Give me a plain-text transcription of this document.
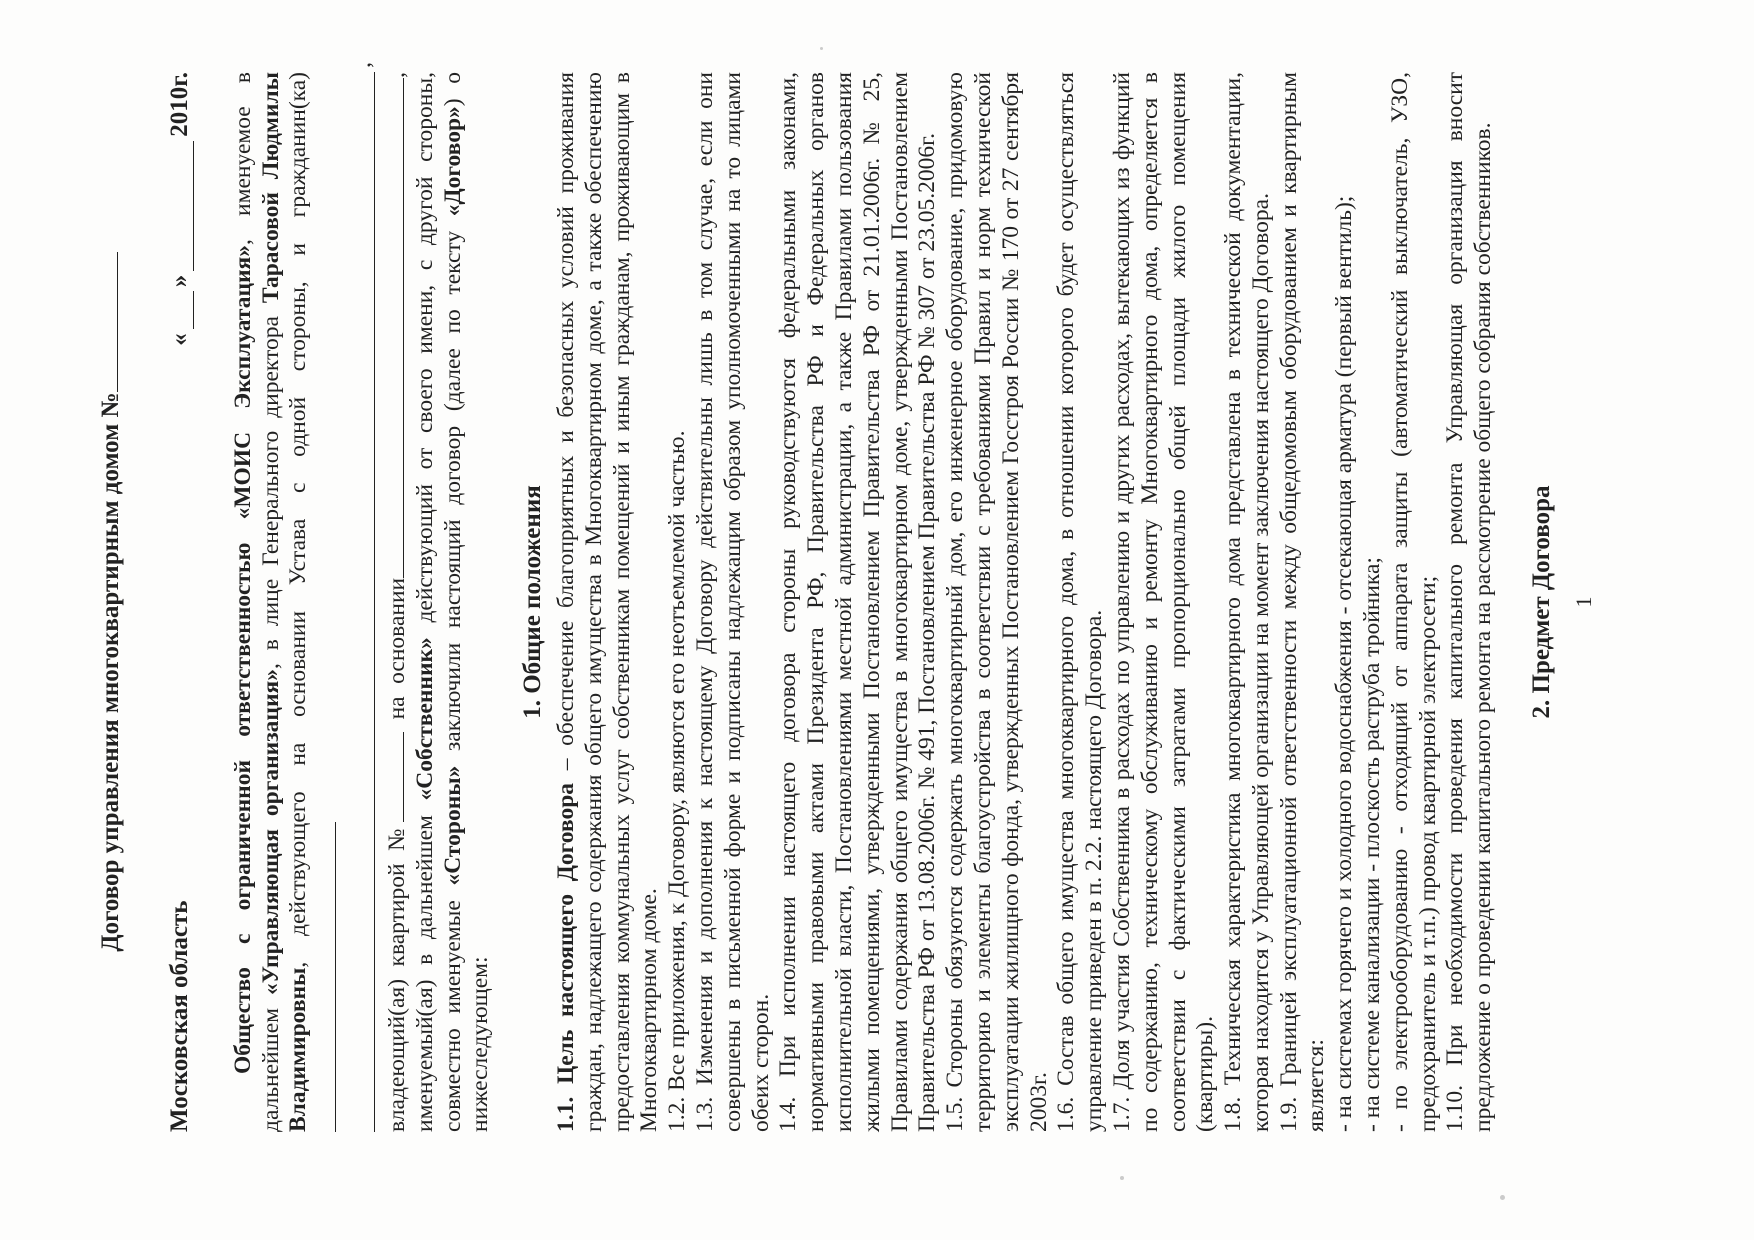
Договор управления многоквартирным домом №
Московская область
«
»
2010г.

Общество с ограниченной ответственностью «МОИС Эксплуатация», именуемое в дальнейшем «Управляющая организация», в лице Генерального директора Тарасовой Людмилы Владимировны, действующего на основании Устава с одной стороны, и гражданин(ка)

,

владеющий(ая) квартирой № на основании, именуемый(ая) в дальнейшем «Собственник» действующий от своего имени, с другой стороны, совместно именуемые «Стороны» заключили настоящий договор (далее по тексту «Договор») о нижеследующем:

1. Общие положения

1.1. Цель настоящего Договора – обеспечение благоприятных и безопасных условий проживания граждан, надлежащего содержания общего имущества в Многоквартирном доме, а также обеспечению предоставления коммунальных услуг собственникам помещений и иным гражданам, проживающим в Многоквартирном доме. 1.2. Все приложения, к Договору, являются его неотъемлемой частью. 1.3. Изменения и дополнения к настоящему Договору действительны лишь в том случае, если они совершены в письменной форме и подписаны надлежащим образом уполномоченными на то лицами обеих сторон. 1.4. При исполнении настоящего договора стороны руководствуются федеральными законами, нормативными правовыми актами Президента РФ, Правительства РФ и Федеральных органов исполнительной власти, Постановлениями местной администрации, а также Правилами пользования жилыми помещениями, утвержденными Постановлением Правительства РФ от 21.01.2006г. № 25, Правилами содержания общего имущества в многоквартирном доме, утвержденными Постановлением Правительства РФ от 13.08.2006г. № 491, Постановлением Правительства РФ № 307 от 23.05.2006г. 1.5. Стороны обязуются содержать многоквартирный дом, его инженерное оборудование, придомовую территорию и элементы благоустройства в соответствии с требованиями Правил и норм технической эксплуатации жилищного фонда, утвержденных Постановлением Госстроя России № 170 от 27 сентября 2003г. 1.6. Состав общего имущества многоквартирного дома, в отношении которого будет осуществляться управление приведен в п. 2.2. настоящего Договора. 1.7. Доля участия Собственника в расходах по управлению и других расходах, вытекающих из функций по содержанию, техническому обслуживанию и ремонту Многоквартирного дома, определяется в соответствии с фактическими затратами пропорционально общей площади жилого помещения (квартиры). 1.8. Техническая характеристика многоквартирного дома представлена в технической документации, которая находится у Управляющей организации на момент заключения настоящего Договора. 1.9. Границей эксплуатационной ответственности между общедомовым оборудованием и квартирным является: - на системах горячего и холодного водоснабжения - отсекающая арматура (первый вентиль); - на системе канализации - плоскость раструба тройника; - по электрооборудованию - отходящий от аппарата защиты (автоматический выключатель, УЗО, предохранитель и т.п.) провод квартирной электросети; 1.10. При необходимости проведения капитального ремонта Управляющая организация вносит предложение о проведении капитального ремонта на рассмотрение общего собрания собственников. 2. Предмет Договора 1
